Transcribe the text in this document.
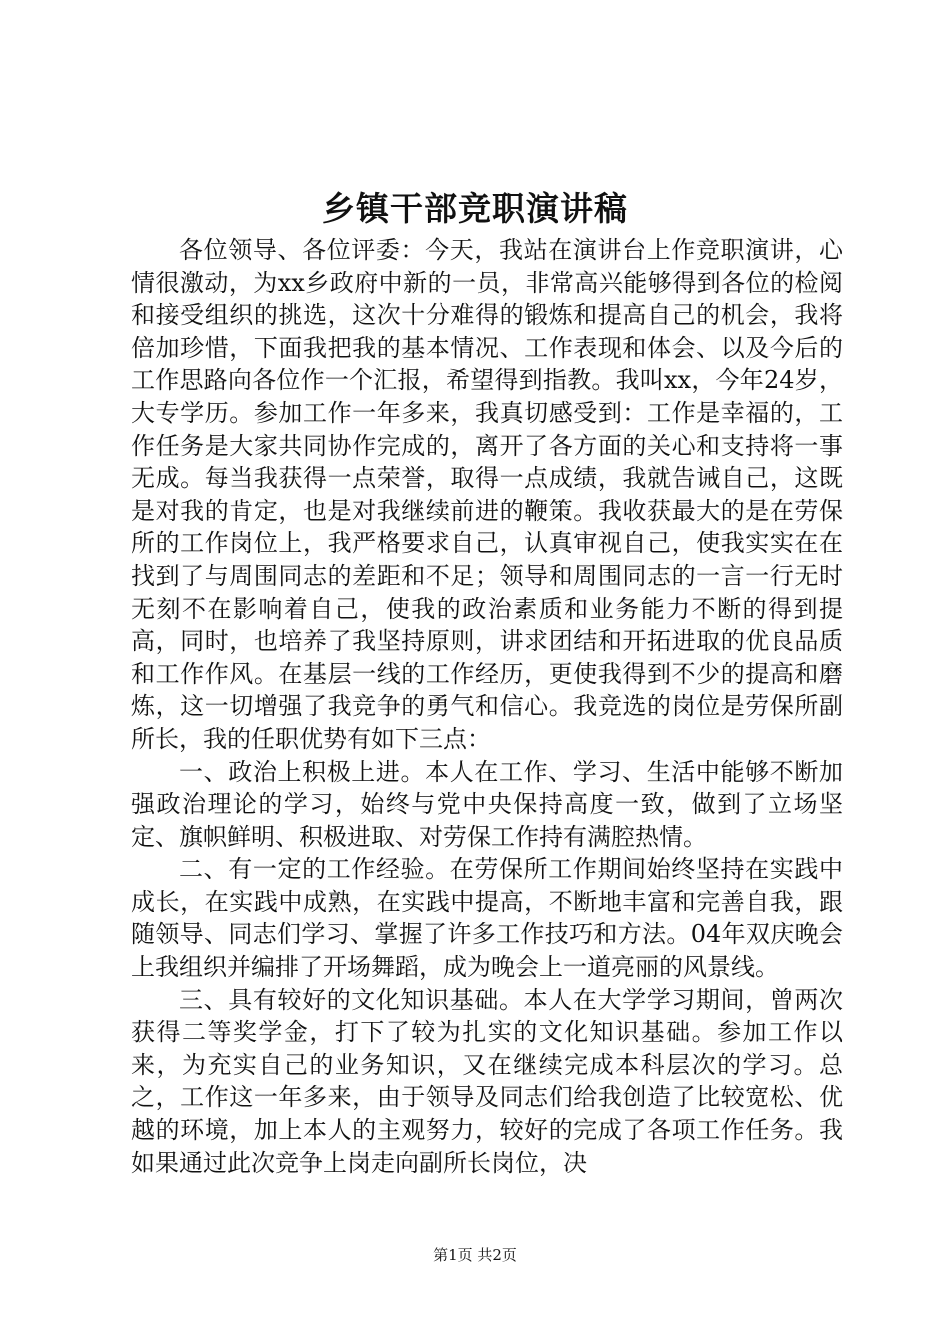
乡镇干部竞职演讲稿

各位领导、各位评委：今天，我站在演讲台上作竞职演讲，心情很激动，为xx乡政府中新的一员，非常高兴能够得到各位的检阅和接受组织的挑选，这次十分难得的锻炼和提高自己的机会，我将倍加珍惜，下面我把我的基本情况、工作表现和体会、以及今后的工作思路向各位作一个汇报，希望得到指教。我叫xx，今年24岁，大专学历。参加工作一年多来，我真切感受到：工作是幸福的，工作任务是大家共同协作完成的，离开了各方面的关心和支持将一事无成。每当我获得一点荣誉，取得一点成绩，我就告诫自己，这既是对我的肯定，也是对我继续前进的鞭策。我收获最大的是在劳保所的工作岗位上，我严格要求自己，认真审视自己，使我实实在在找到了与周围同志的差距和不足；领导和周围同志的一言一行无时无刻不在影响着自己，使我的政治素质和业务能力不断的得到提高，同时，也培养了我坚持原则，讲求团结和开拓进取的优良品质和工作作风。在基层一线的工作经历，更使我得到不少的提高和磨炼，这一切增强了我竞争的勇气和信心。我竞选的岗位是劳保所副所长，我的任职优势有如下三点：

一、政治上积极上进。本人在工作、学习、生活中能够不断加强政治理论的学习，始终与党中央保持高度一致，做到了立场坚定、旗帜鲜明、积极进取、对劳保工作持有满腔热情。

二、有一定的工作经验。在劳保所工作期间始终坚持在实践中成长，在实践中成熟，在实践中提高，不断地丰富和完善自我，跟随领导、同志们学习、掌握了许多工作技巧和方法。04年双庆晚会上我组织并编排了开场舞蹈，成为晚会上一道亮丽的风景线。

三、具有较好的文化知识基础。本人在大学学习期间，曾两次获得二等奖学金，打下了较为扎实的文化知识基础。参加工作以来，为充实自己的业务知识，又在继续完成本科层次的学习。总之，工作这一年多来，由于领导及同志们给我创造了比较宽松、优越的环境，加上本人的主观努力，较好的完成了各项工作任务。我如果通过此次竞争上岗走向副所长岗位，决

第1页 共2页
